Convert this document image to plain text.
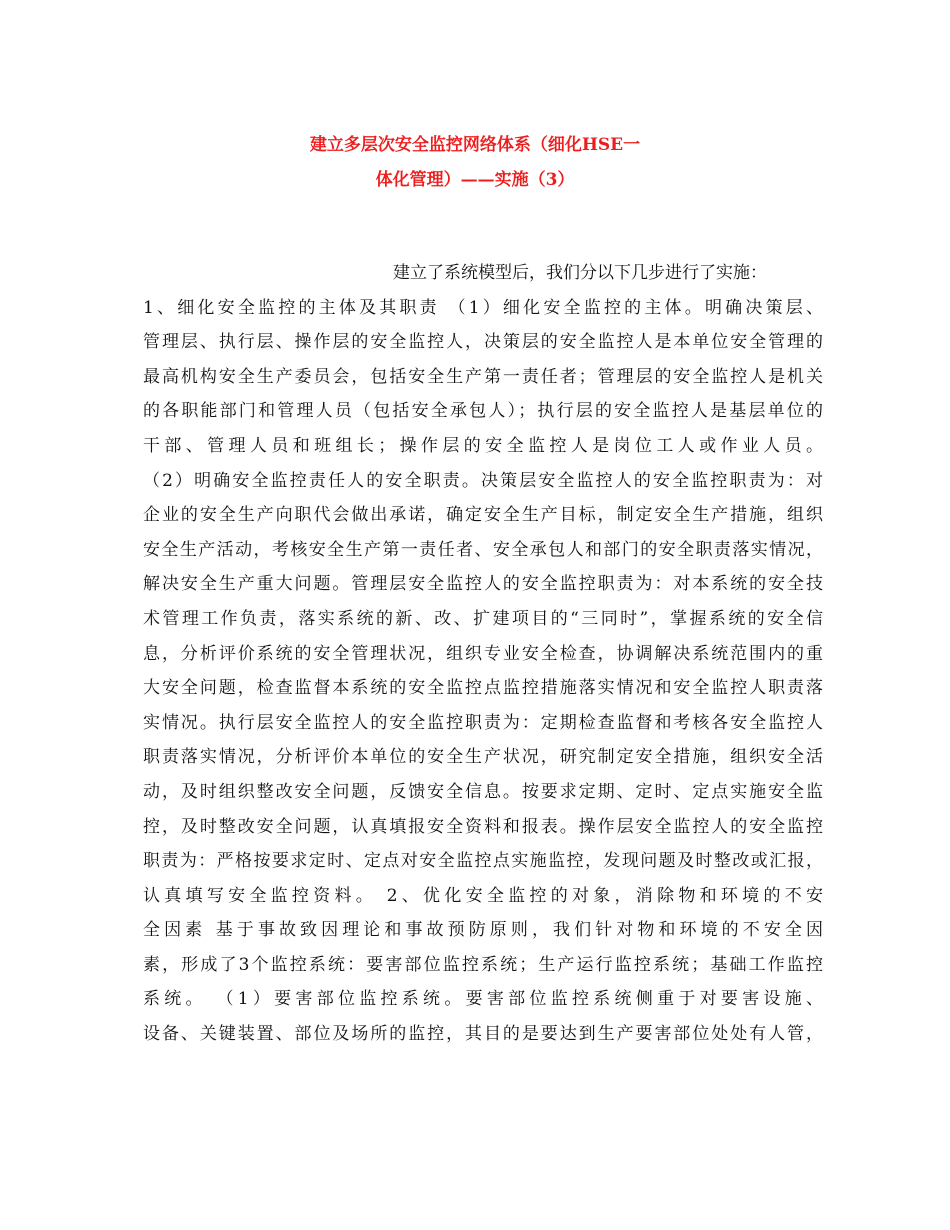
建立多层次安全监控网络体系（细化HSE一
体化管理）——实施（3）
建立了系统模型后，我们分以下几步进行了实施：
1、细化安全监控的主体及其职责 （1）细化安全监控的主体。明确决策层、
管理层、执行层、操作层的安全监控人，决策层的安全监控人是本单位安全管理的
最高机构安全生产委员会，包括安全生产第一责任者；管理层的安全监控人是机关
的各职能部门和管理人员（包括安全承包人）；执行层的安全监控人是基层单位的
干部、管理人员和班组长；操作层的安全监控人是岗位工人或作业人员。
（2）明确安全监控责任人的安全职责。决策层安全监控人的安全监控职责为：对
企业的安全生产向职代会做出承诺，确定安全生产目标，制定安全生产措施，组织
安全生产活动，考核安全生产第一责任者、安全承包人和部门的安全职责落实情况，
解决安全生产重大问题。管理层安全监控人的安全监控职责为：对本系统的安全技
术管理工作负责，落实系统的新、改、扩建项目的“三同时”，掌握系统的安全信
息，分析评价系统的安全管理状况，组织专业安全检查，协调解决系统范围内的重
大安全问题，检查监督本系统的安全监控点监控措施落实情况和安全监控人职责落
实情况。执行层安全监控人的安全监控职责为：定期检查监督和考核各安全监控人
职责落实情况，分析评价本单位的安全生产状况，研究制定安全措施，组织安全活
动，及时组织整改安全问题，反馈安全信息。按要求定期、定时、定点实施安全监
控，及时整改安全问题，认真填报安全资料和报表。操作层安全监控人的安全监控
职责为：严格按要求定时、定点对安全监控点实施监控，发现问题及时整改或汇报，
认真填写安全监控资料。 2、优化安全监控的对象，消除物和环境的不安
全因素 基于事故致因理论和事故预防原则，我们针对物和环境的不安全因
素，形成了3个监控系统：要害部位监控系统；生产运行监控系统；基础工作监控
系统。 （1）要害部位监控系统。要害部位监控系统侧重于对要害设施、
设备、关键装置、部位及场所的监控，其目的是要达到生产要害部位处处有人管，
